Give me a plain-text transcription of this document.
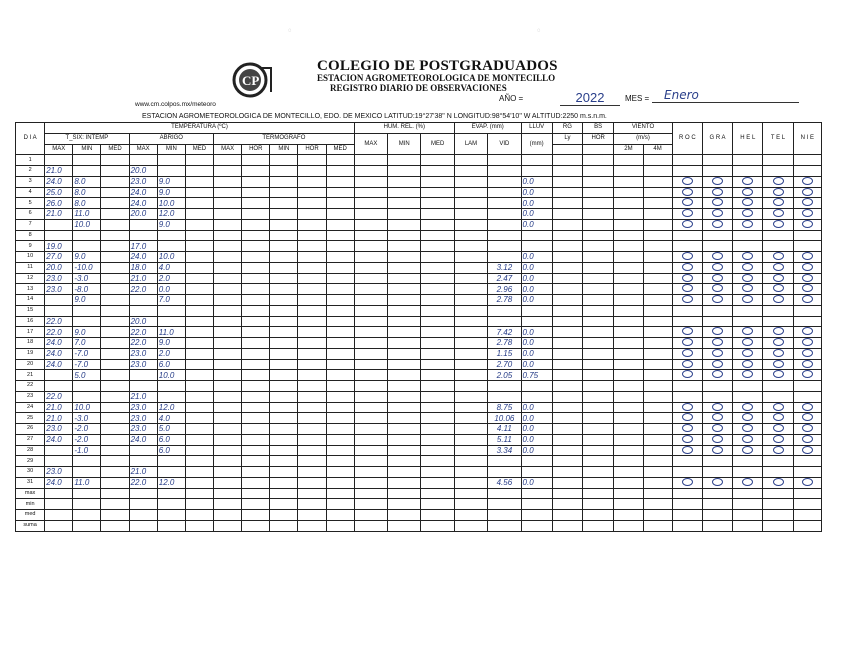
CP
COLEGIO DE POSTGRADUADOS
ESTACION AGROMETEOROLOGICA DE MONTECILLO
REGISTRO DIARIO DE OBSERVACIONES
www.cm.colpos.mx/meteoro
AÑO =	2022	MES =	Enero
ESTACION AGROMETEOROLOGICA DE MONTECILLO, EDO. DE MEXICO LATITUD:19°27'38" N LONGITUD:98°54'10" W ALTITUD:2250 m.s.n.m.
D I A	TEMPERATURA (ºC)											HUM. REL. (%)			EVAP. (mm)		LLUV	RG	BS	VIENTO		R O C	G R A	H E L	T E L	N I E
	T_SIX: INTEMP			ABRIGO			TERMOGRAFO					MAX	MIN	MED	LAM	VID	(mm)	Ly	HOR	(m/s)						
	MAX	MIN	MED	MAX	MIN	MED	MAX	HOR	MIN	HOR	MED									2M	4M					
1																										
2	21.0			20.0																						
3	24.0	8.0		23.0	9.0												0.0									
4	25.0	8.0		24.0	9.0												0.0									
5	26.0	8.0		24.0	10.0												0.0									
6	21.0	11.0		20.0	12.0												0.0									
7		10.0			9.0												0.0									
8																										
9	19.0			17.0																						
10	27.0	9.0		24.0	10.0												0.0									
11	20.0	-10.0		18.0	4.0											3.12	0.0									
12	23.0	-3.0		21.0	2.0											2.47	0.0									
13	23.0	-8.0		22.0	0.0											2.96	0.0									
14		9.0			7.0											2.78	0.0									
15																										
16	22.0			20.0																						
17	22.0	9.0		22.0	11.0											7.42	0.0									
18	24.0	7.0		22.0	9.0											2.78	0.0									
19	24.0	-7.0		23.0	2.0											1.15	0.0									
20	24.0	-7.0		23.0	6.0											2.70	0.0									
21		5.0			10.0											2.05	0.75									
22																										
23	22.0			21.0																						
24	21.0	10.0		23.0	12.0											8.75	0.0									
25	21.0	-3.0		23.0	4.0											10.06	0.0									
26	23.0	-2.0		23.0	5.0											4.11	0.0									
27	24.0	-2.0		24.0	6.0											5.11	0.0									
28		-1.0			6.0											3.34	0.0									
29																										
30	23.0			21.0																						
31	24.0	11.0		22.0	12.0											4.56	0.0									
max																										
min																										
med																										
suma																										
◌	◌
